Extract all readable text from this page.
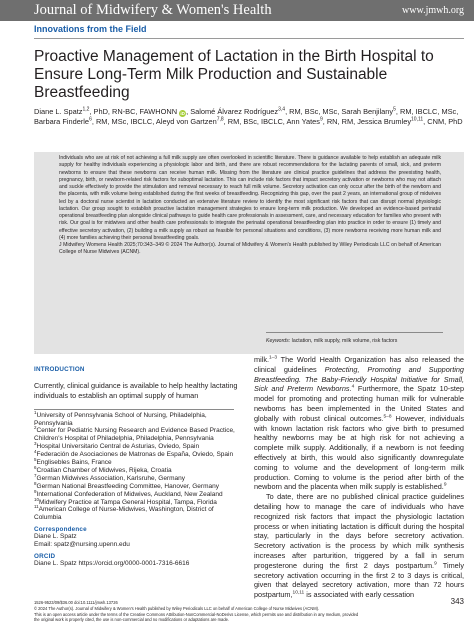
Journal of Midwifery & Women's Health	www.jmwh.org
Innovations from the Field
Proactive Management of Lactation in the Birth Hospital to Ensure Long-Term Milk Production and Sustainable Breastfeeding
Diane L. Spatz$^{1,2}$, PhD, RN-BC, FAWHONN iD, Salomé Álvarez Rodríguez$^{3,4}$, RM, BSc, MSc, Sarah Benjilany$^5$, RM, IBCLC, MSc, Barbara Finderle$^6$, RM, MSc, IBCLC, Aleyd von Gartzen$^{7,8}$, RM, BSc, IBCLC, Ann Yates$^9$, RN, RM, Jessica Brumley$^{10,11}$, CNM, PhD

Individuals who are at risk of not achieving a full milk supply are often overlooked in scientific literature. There is guidance available to help establish an adequate milk supply for healthy individuals experiencing a physiologic labor and birth, and there are robust recommendations for the lactating parents of small, sick, and preterm newborns to ensure that these newborns can receive human milk. Missing from the literature are clinical practice guidelines that address the preexisting health, pregnancy, birth, or newborn-related risk factors for suboptimal lactation. This can include risk factors that impact secretory activation or newborns who may not attach and suckle effectively to provide the stimulation and removal necessary to reach full milk volume. Secretory activation can only occur after the birth of the newborn and the placenta, with milk volume being established during the first weeks of breastfeeding. Recognizing this gap, over the past 2 years, an international group of midwives led by a doctoral nurse scientist in lactation conducted an extensive literature review to identify the most significant risk factors that can disrupt normal physiologic lactation. Our group sought to establish proactive lactation management strategies to ensure long-term milk production. We developed an evidence-based perinatal operational breastfeeding plan alongside clinical pathways to guide health care professionals in assessment, care, and necessary education for families who present with risk. Our goal is for midwives and other health care professionals to integrate the perinatal operational breastfeeding plan into practice in order to ensure (1) timely and effective secretory activation, (2) building a milk supply as robust as feasible for personal situations and conditions, (3) more newborns receiving more human milk and (4) more families achieving their personal breastfeeding goals.

J Midwifery Womens Health 2025;70:343–349 © 2024 The Author(s). Journal of Midwifery & Women's Health published by Wiley Periodicals LLC on behalf of American College of Nurse Midwives (ACNM).

Keywords: lactation, milk supply, milk volume, risk factors
INTRODUCTION
Currently, clinical guidance is available to help healthy lactating individuals to establish an optimal supply of human
$^1$University of Pennsylvania School of Nursing, Philadelphia, Pennsylvania
$^2$Center for Pediatric Nursing Research and Evidence Based Practice, Children's Hospital of Philadelphia, Philadelphia, Pennsylvania
$^3$Hospital Universitario Central de Asturias, Oviedo, Spain
$^4$Federación de Asociaciones de Matronas de España, Oviedo, Spain
$^5$Englisebles Bains, France
$^6$Croatian Chamber of Midwives, Rijeka, Croatia
$^7$German Midwives Association, Karlsruhe, Germany
$^8$German National Breastfeeding Committee, Hanover, Germany
$^9$International Confederation of Midwives, Auckland, New Zealand
$^{10}$Midwifery Practice at Tampa General Hospital, Tampa, Florida
$^{11}$American College of Nurse-Midwives, Washington, District of Columbia
Correspondence
Diane L. Spatz
Email: spatz@nursing.upenn.edu
ORCID
Diane L. Spatz https://orcid.org/0000-0001-7316-6616

milk.$^{1-3}$ The World Health Organization has also released the clinical guidelines Protecting, Promoting and Supporting Breastfeeding. The Baby-Friendly Hospital Initiative for Small, Sick and Preterm Newborns.$^4$ Furthermore, the Spatz 10-step model for promoting and protecting human milk for vulnerable newborns has been implemented in the United States and globally with robust clinical outcomes.$^{5-8}$ However, individuals with known lactation risk factors who give birth to presumed healthy newborns may be at high risk for not achieving a complete milk supply. Additionally, if a newborn is not feeding effectively at birth, this would also significantly downregulate coming to volume and the development of long-term milk production. Coming to volume is the period after birth of the newborn and the placenta when milk supply is established.$^9$

To date, there are no published clinical practice guidelines detailing how to manage the care of individuals who have recognized risk factors that impact the physiologic lactation process or when initiating lactation is difficult during the hospital stay, particularly in the days before secretory activation. Secretory activation is the process by which milk synthesis increases after parturition, triggered by a fall in serum progesterone during the first 2 days postpartum.$^9$ Timely secretory activation occurring in the first 2 to 3 days is critical, given that delayed secretory activation, more than 72 hours postpartum,$^{10,11}$ is associated with early cessation

1526-9523/09/$36.00 doi:10.1111/jmwh.13726
© 2024 The Author(s). Journal of Midwifery & Women's Health published by Wiley Periodicals LLC on behalf of American College of Nurse Midwives (ACNM).
This is an open access article under the terms of the Creative Commons Attribution-NonCommercial-NoDerivs License, which permits use and distribution in any medium, provided
the original work is properly cited, the use is non-commercial and no modifications or adaptations are made.
343
